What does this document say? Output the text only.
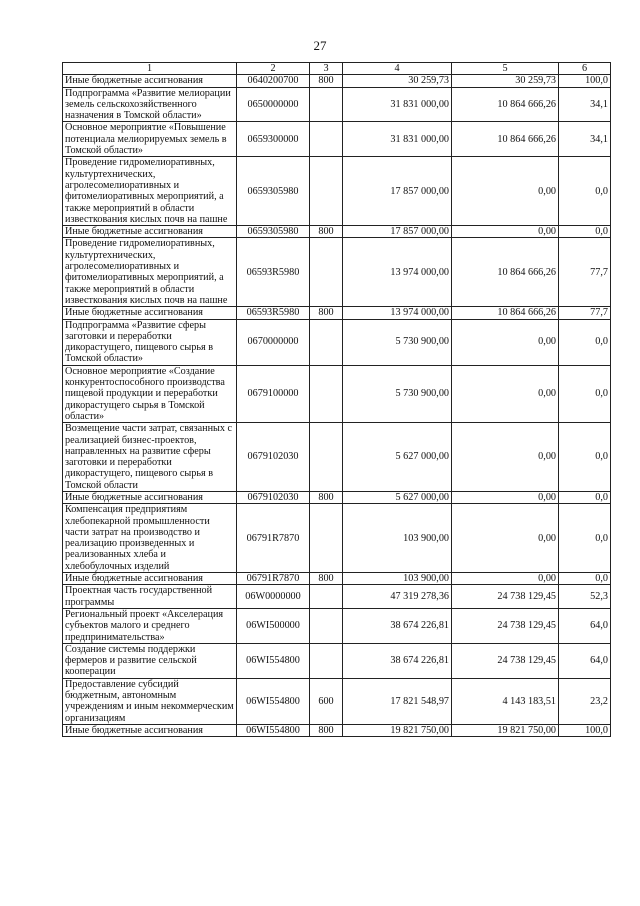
27
1	2	3	4	5	6
Иные бюджетные ассигнования	0640200700	800	30 259,73	30 259,73	100,0
Подпрограмма «Развитие мелиорации земель сельскохозяйственного назначения в Томской области»	0650000000		31 831 000,00	10 864 666,26	34,1
Основное мероприятие «Повышение потенциала мелиорируемых земель в Томской области»	0659300000		31 831 000,00	10 864 666,26	34,1
Проведение гидромелиоративных, культуртехнических, агролесомелиоративных и фитомелиоративных мероприятий, а также мероприятий в области известкования кислых почв на пашне	0659305980		17 857 000,00	0,00	0,0
Иные бюджетные ассигнования	0659305980	800	17 857 000,00	0,00	0,0
Проведение гидромелиоративных, культуртехнических, агролесомелиоративных и фитомелиоративных мероприятий, а также мероприятий в области известкования кислых почв на пашне	06593R5980		13 974 000,00	10 864 666,26	77,7
Иные бюджетные ассигнования	06593R5980	800	13 974 000,00	10 864 666,26	77,7
Подпрограмма «Развитие сферы заготовки и переработки дикорастущего, пищевого сырья в Томской области»	0670000000		5 730 900,00	0,00	0,0
Основное мероприятие «Создание конкурентоспособного производства пищевой продукции и переработки дикорастущего сырья в Томской области»	0679100000		5 730 900,00	0,00	0,0
Возмещение части затрат, связанных с реализацией бизнес-проектов, направленных на развитие сферы заготовки и переработки дикорастущего, пищевого сырья в Томской области	0679102030		5 627 000,00	0,00	0,0
Иные бюджетные ассигнования	0679102030	800	5 627 000,00	0,00	0,0
Компенсация предприятиям хлебопекарной промышленности части затрат на производство и реализацию произведенных и реализованных хлеба и хлебобулочных изделий	06791R7870		103 900,00	0,00	0,0
Иные бюджетные ассигнования	06791R7870	800	103 900,00	0,00	0,0
Проектная часть государственной программы	06W0000000		47 319 278,36	24 738 129,45	52,3
Региональный проект «Акселерация субъектов малого и среднего предпринимательства»	06WI500000		38 674 226,81	24 738 129,45	64,0
Создание системы поддержки фермеров и развитие сельской кооперации	06WI554800		38 674 226,81	24 738 129,45	64,0
Предоставление субсидий бюджетным, автономным учреждениям и иным некоммерческим организациям	06WI554800	600	17 821 548,97	4 143 183,51	23,2
Иные бюджетные ассигнования	06WI554800	800	19 821 750,00	19 821 750,00	100,0
